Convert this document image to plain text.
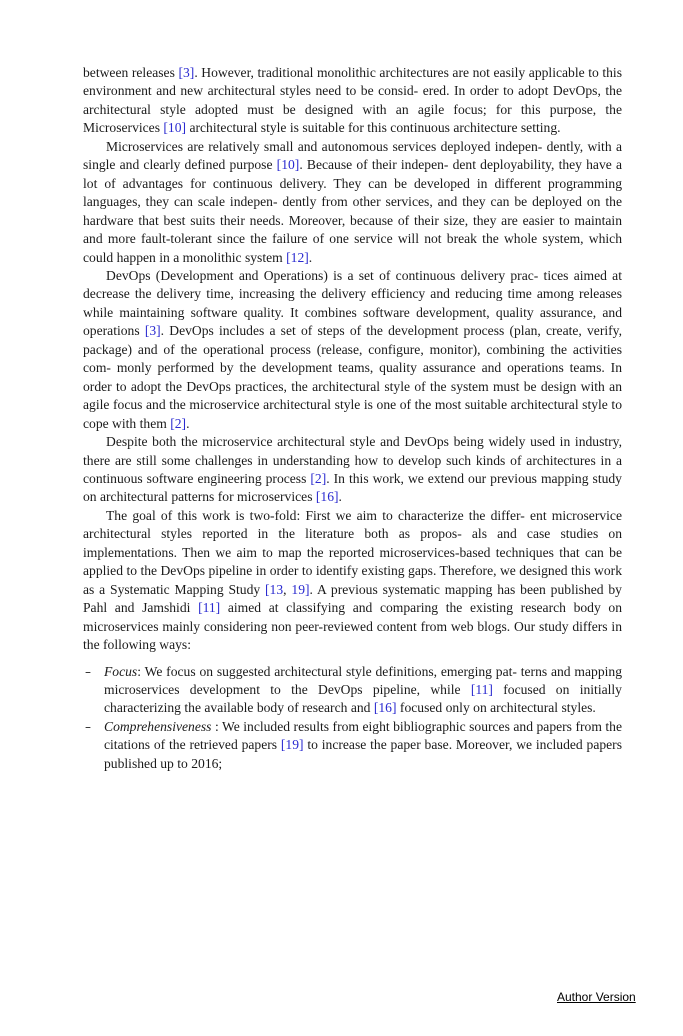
between releases [3]. However, traditional monolithic architectures are not easily applicable to this environment and new architectural styles need to be consid- ered. In order to adopt DevOps, the architectural style adopted must be designed with an agile focus; for this purpose, the Microservices [10] architectural style is suitable for this continuous architecture setting.

Microservices are relatively small and autonomous services deployed indepen- dently, with a single and clearly defined purpose [10]. Because of their indepen- dent deployability, they have a lot of advantages for continuous delivery. They can be developed in different programming languages, they can scale indepen- dently from other services, and they can be deployed on the hardware that best suits their needs. Moreover, because of their size, they are easier to maintain and more fault-tolerant since the failure of one service will not break the whole system, which could happen in a monolithic system [12].

DevOps (Development and Operations) is a set of continuous delivery prac- tices aimed at decrease the delivery time, increasing the delivery efficiency and reducing time among releases while maintaining software quality. It combines software development, quality assurance, and operations [3]. DevOps includes a set of steps of the development process (plan, create, verify, package) and of the operational process (release, configure, monitor), combining the activities com- monly performed by the development teams, quality assurance and operations teams. In order to adopt the DevOps practices, the architectural style of the system must be design with an agile focus and the microservice architectural style is one of the most suitable architectural style to cope with them [2].

Despite both the microservice architectural style and DevOps being widely used in industry, there are still some challenges in understanding how to develop such kinds of architectures in a continuous software engineering process [2]. In this work, we extend our previous mapping study on architectural patterns for microservices [16].

The goal of this work is two-fold: First we aim to characterize the differ- ent microservice architectural styles reported in the literature both as propos- als and case studies on implementations. Then we aim to map the reported microservices-based techniques that can be applied to the DevOps pipeline in order to identify existing gaps. Therefore, we designed this work as a Systematic Mapping Study [13, 19]. A previous systematic mapping has been published by Pahl and Jamshidi [11] aimed at classifying and comparing the existing research body on microservices mainly considering non peer-reviewed content from web blogs. Our study differs in the following ways:

– Focus: We focus on suggested architectural style definitions, emerging pat- terns and mapping microservices development to the DevOps pipeline, while [11] focused on initially characterizing the available body of research and [16] focused only on architectural styles.
– Comprehensiveness : We included results from eight bibliographic sources and papers from the citations of the retrieved papers [19] to increase the paper base. Moreover, we included papers published up to 2016;
Author Version
